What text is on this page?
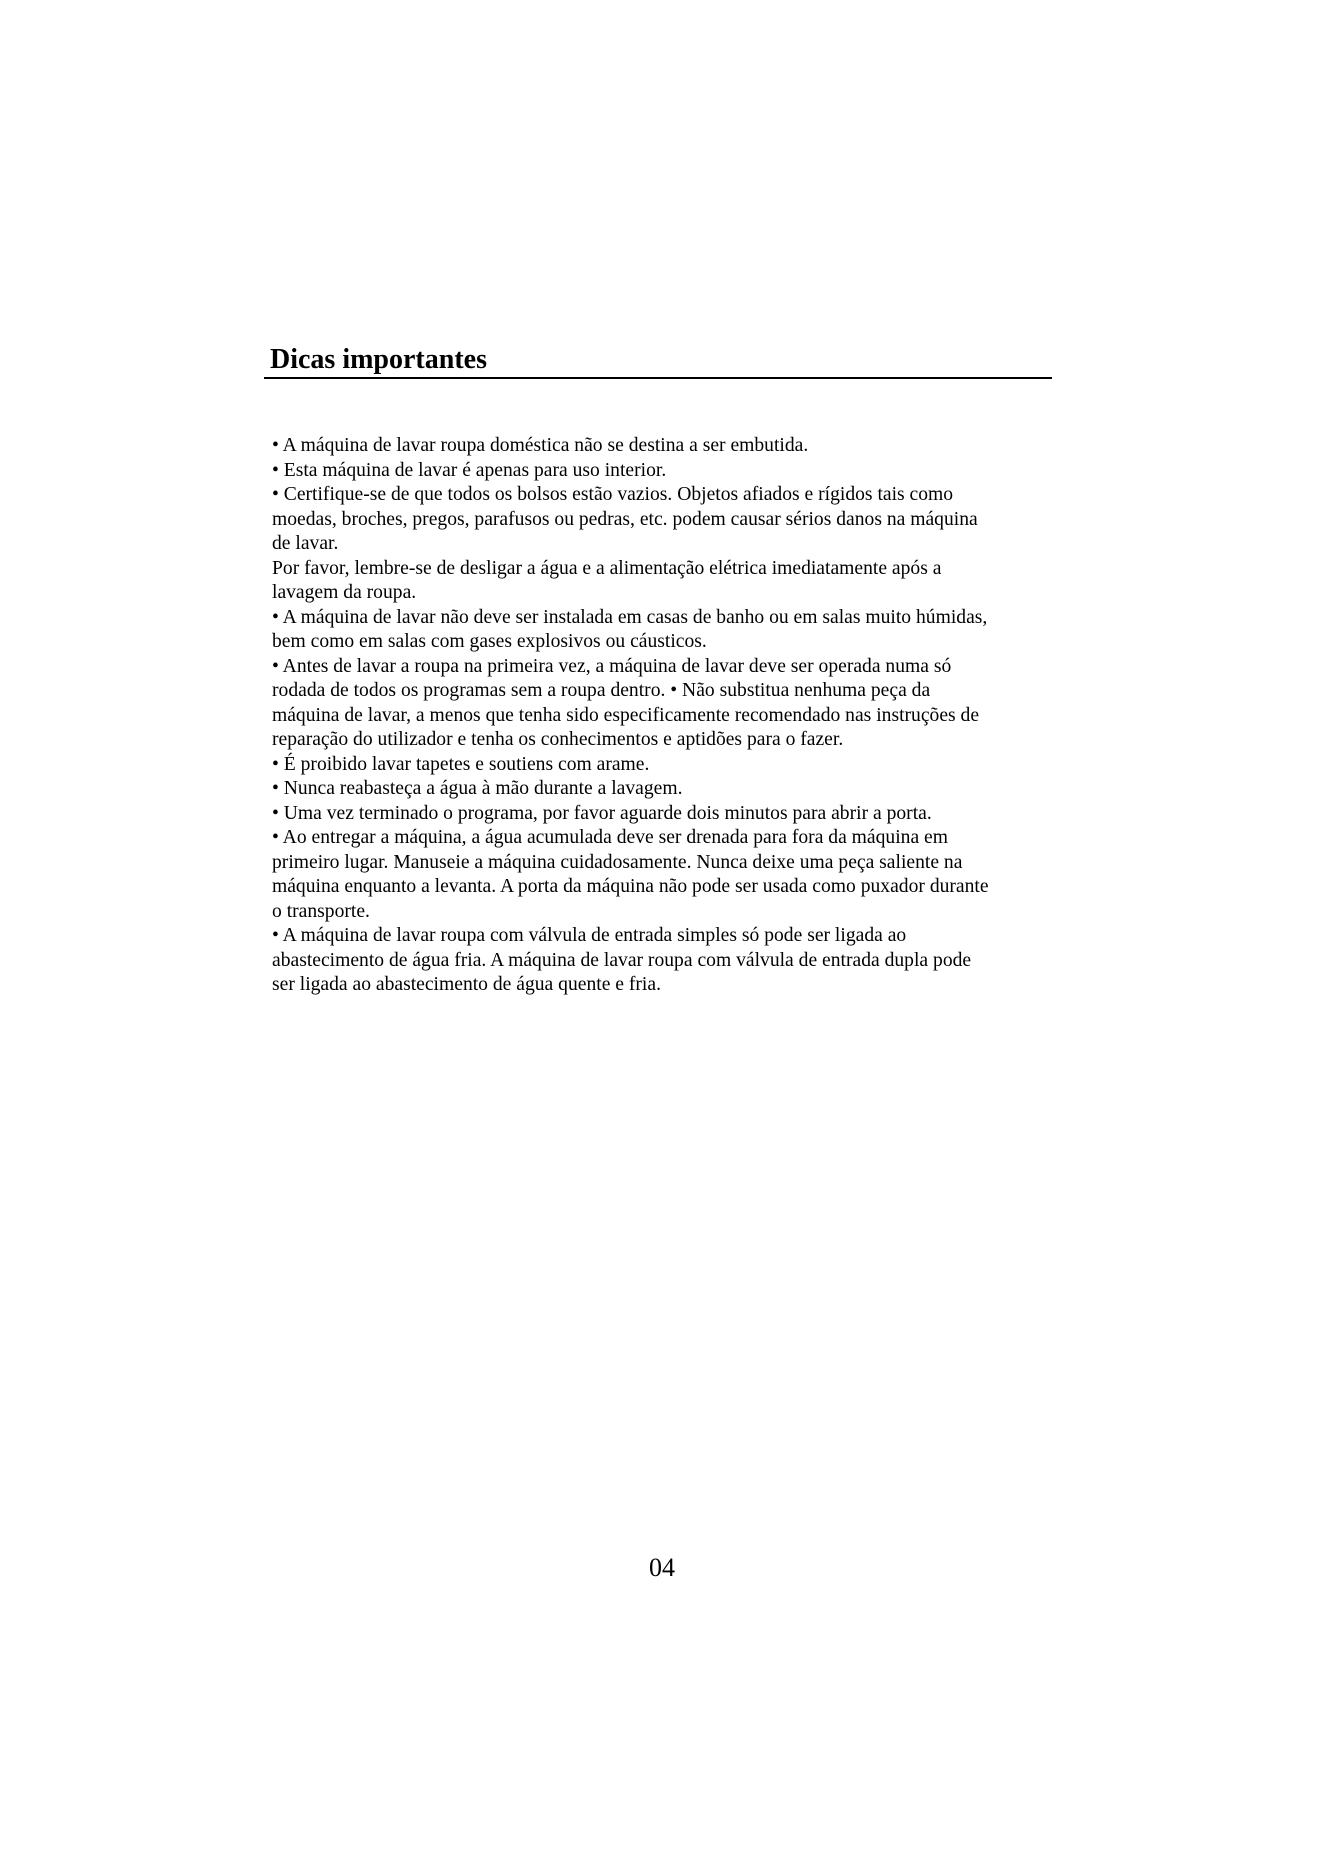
Dicas importantes
• A máquina de lavar roupa doméstica não se destina a ser embutida.
• Esta máquina de lavar é apenas para uso interior.
• Certifique-se de que todos os bolsos estão vazios. Objetos afiados e rígidos tais como
moedas, broches, pregos, parafusos ou pedras, etc. podem causar sérios danos na máquina
de lavar.
Por favor, lembre-se de desligar a água e a alimentação elétrica imediatamente após a
lavagem da roupa.
• A máquina de lavar não deve ser instalada em casas de banho ou em salas muito húmidas,
bem como em salas com gases explosivos ou cáusticos.
• Antes de lavar a roupa na primeira vez, a máquina de lavar deve ser operada numa só
rodada de todos os programas sem a roupa dentro. • Não substitua nenhuma peça da
máquina de lavar, a menos que tenha sido especificamente recomendado nas instruções de
reparação do utilizador e tenha os conhecimentos e aptidões para o fazer.
• É proibido lavar tapetes e soutiens com arame.
• Nunca reabasteça a água à mão durante a lavagem.
• Uma vez terminado o programa, por favor aguarde dois minutos para abrir a porta.
• Ao entregar a máquina, a água acumulada deve ser drenada para fora da máquina em
primeiro lugar. Manuseie a máquina cuidadosamente. Nunca deixe uma peça saliente na
máquina enquanto a levanta. A porta da máquina não pode ser usada como puxador durante
o transporte.
• A máquina de lavar roupa com válvula de entrada simples só pode ser ligada ao
abastecimento de água fria. A máquina de lavar roupa com válvula de entrada dupla pode
ser ligada ao abastecimento de água quente e fria.
04
